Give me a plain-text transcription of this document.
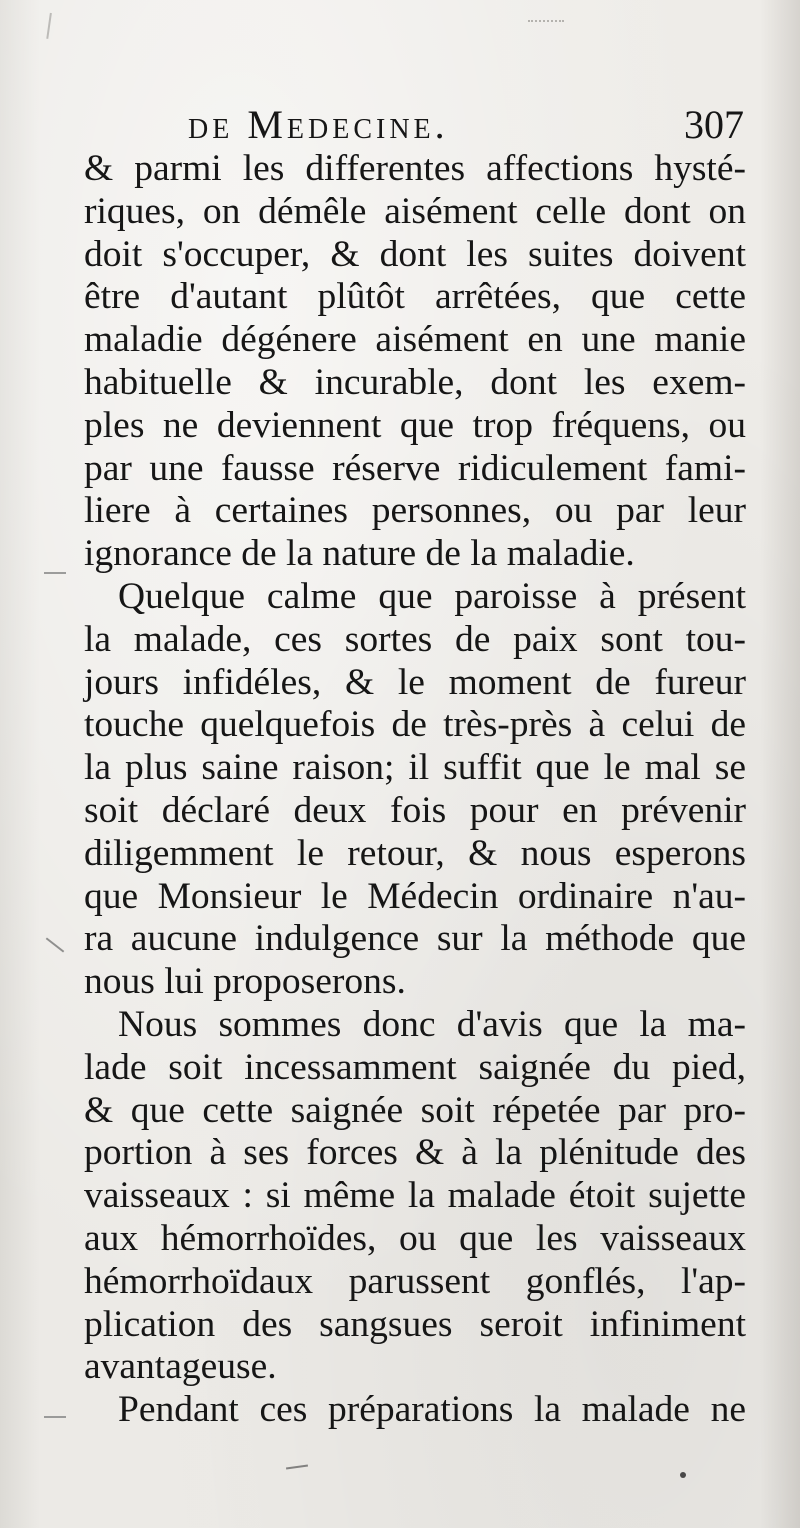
de Medecine.	307
& parmi les differentes affections hysté-
riques, on démêle aisément celle dont on
doit s'occuper, & dont les suites doivent
être d'autant plûtôt arrêtées, que cette
maladie dégénere aisément en une manie
habituelle & incurable, dont les exem-
ples ne deviennent que trop fréquens, ou
par une fausse réserve ridiculement fami-
liere à certaines personnes, ou par leur
ignorance de la nature de la maladie.
Quelque calme que paroisse à présent
la malade, ces sortes de paix sont tou-
jours infidéles, & le moment de fureur
touche quelquefois de très-près à celui de
la plus saine raison; il suffit que le mal se
soit déclaré deux fois pour en prévenir
diligemment le retour, & nous esperons
que Monsieur le Médecin ordinaire n'au-
ra aucune indulgence sur la méthode que
nous lui proposerons.
Nous sommes donc d'avis que la ma-
lade soit incessamment saignée du pied,
& que cette saignée soit répetée par pro-
portion à ses forces & à la plénitude des
vaisseaux : si même la malade étoit sujette
aux hémorrhoïdes, ou que les vaisseaux
hémorrhoïdaux parussent gonflés, l'ap-
plication des sangsues seroit infiniment
avantageuse.
Pendant ces préparations la malade ne
